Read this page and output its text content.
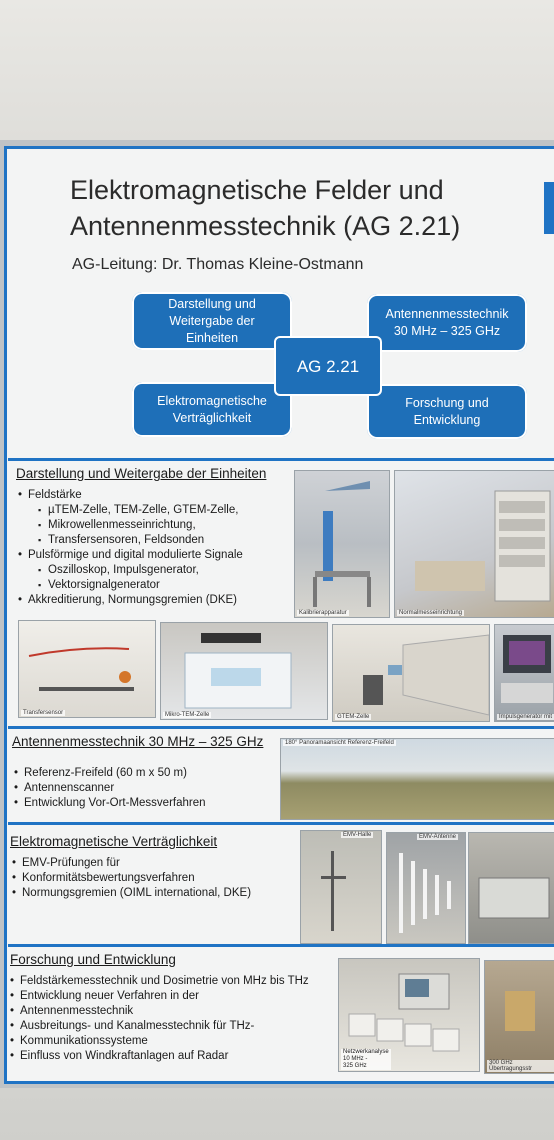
Elektromagnetische Felder und
Antennenmesstechnik (AG 2.21)
AG-Leitung: Dr. Thomas Kleine-Ostmann
Darstellung und
Weitergabe der
Einheiten
Antennenmesstechnik
30 MHz – 325 GHz
Elektromagnetische
Verträglichkeit
Forschung und
Entwicklung
AG 2.21
Darstellung und Weitergabe der Einheiten
• Feldstärke
▪ µTEM-Zelle, TEM-Zelle, GTEM-Zelle,
▪ Mikrowellenmesseinrichtung,
▪ Transfersensoren, Feldsonden
• Pulsförmige und digital modulierte Signale
▪ Oszilloskop, Impulsgenerator,
▪ Vektorsignalgenerator
• Akkreditierung, Normungsgremien (DKE)
Kalibrierapparatur	Normalmesseinrichtung
Transfersensor	Mikro-TEM-Zelle	GTEM-Zelle	Impulsgenerator mit
Antennenmesstechnik 30 MHz – 325 GHz
• Referenz-Freifeld (60 m x 50 m)
• Antennenscanner
• Entwicklung Vor-Ort-Messverfahren
180° Panoramaansicht Referenz-Freifeld
Elektromagnetische Verträglichkeit
• EMV-Prüfungen für
• Konformitätsbewertungsverfahren
• Normungsgremien (OIML international, DKE)
EMV-Halle	EMV-Antenne
Forschung und Entwicklung
• Feldstärkemesstechnik und Dosimetrie von MHz bis THz
• Entwicklung neuer Verfahren in der
• Antennenmesstechnik
• Ausbreitungs- und Kanalmesstechnik für THz-
• Kommunikationssysteme
• Einfluss von Windkraftanlagen auf Radar	Netzwerkanalyse
10 MHz -
325 GHz	300 GHz Übertragungsstr
